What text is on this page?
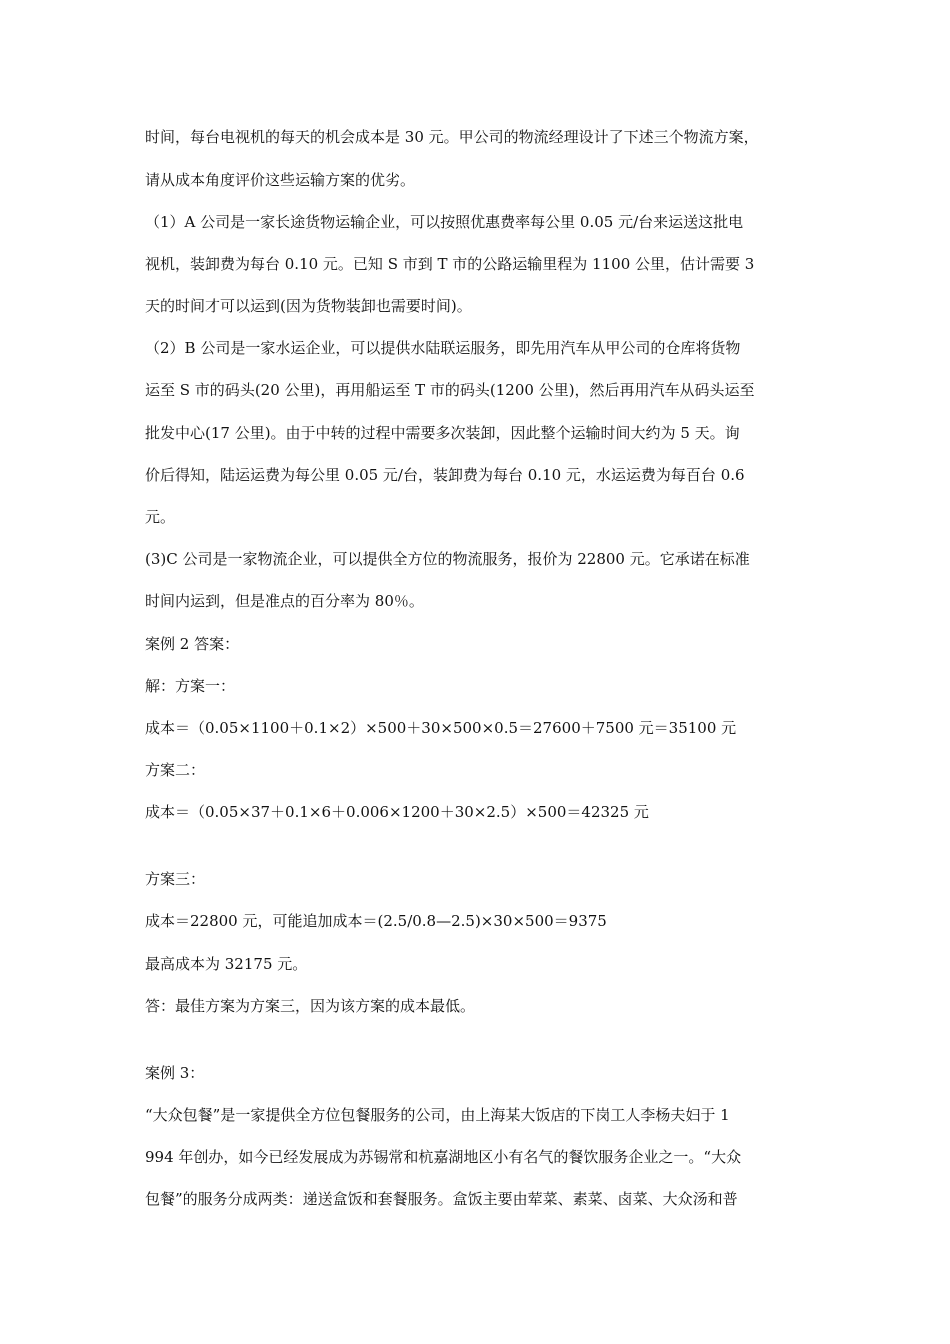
时间，每台电视机的每天的机会成本是 30 元。甲公司的物流经理设计了下述三个物流方案，
请从成本角度评价这些运输方案的优劣。
（1）A 公司是一家长途货物运输企业，可以按照优惠费率每公里 0.05 元/台来运送这批电
视机，装卸费为每台 0.10 元。已知 S 市到 T 市的公路运输里程为 1100 公里，估计需要 3
天的时间才可以运到(因为货物装卸也需要时间)。
（2）B 公司是一家水运企业，可以提供水陆联运服务，即先用汽车从甲公司的仓库将货物
运至 S 市的码头(20 公里)，再用船运至 T 市的码头(1200 公里)，然后再用汽车从码头运至
批发中心(17 公里)。由于中转的过程中需要多次装卸，因此整个运输时间大约为 5 天。询
价后得知，陆运运费为每公里 0.05 元/台，装卸费为每台 0.10 元，水运运费为每百台 0.6
元。
(3)C 公司是一家物流企业，可以提供全方位的物流服务，报价为 22800 元。它承诺在标准
时间内运到，但是准点的百分率为 80％。
案例 2 答案：
解：方案一：
成本＝（0.05×1100＋0.1×2）×500＋30×500×0.5＝27600＋7500 元＝35100 元
方案二：
成本＝（0.05×37＋0.1×6＋0.006×1200＋30×2.5）×500＝42325 元
方案三：
成本＝22800 元，可能追加成本＝(2.5/0.8—2.5)×30×500＝9375
最高成本为 32175 元。
答：最佳方案为方案三，因为该方案的成本最低。
案例 3：
“大众包餐”是一家提供全方位包餐服务的公司，由上海某大饭店的下岗工人李杨夫妇于 1
994 年创办，如今已经发展成为苏锡常和杭嘉湖地区小有名气的餐饮服务企业之一。“大众
包餐”的服务分成两类：递送盒饭和套餐服务。盒饭主要由荤菜、素菜、卤菜、大众汤和普
